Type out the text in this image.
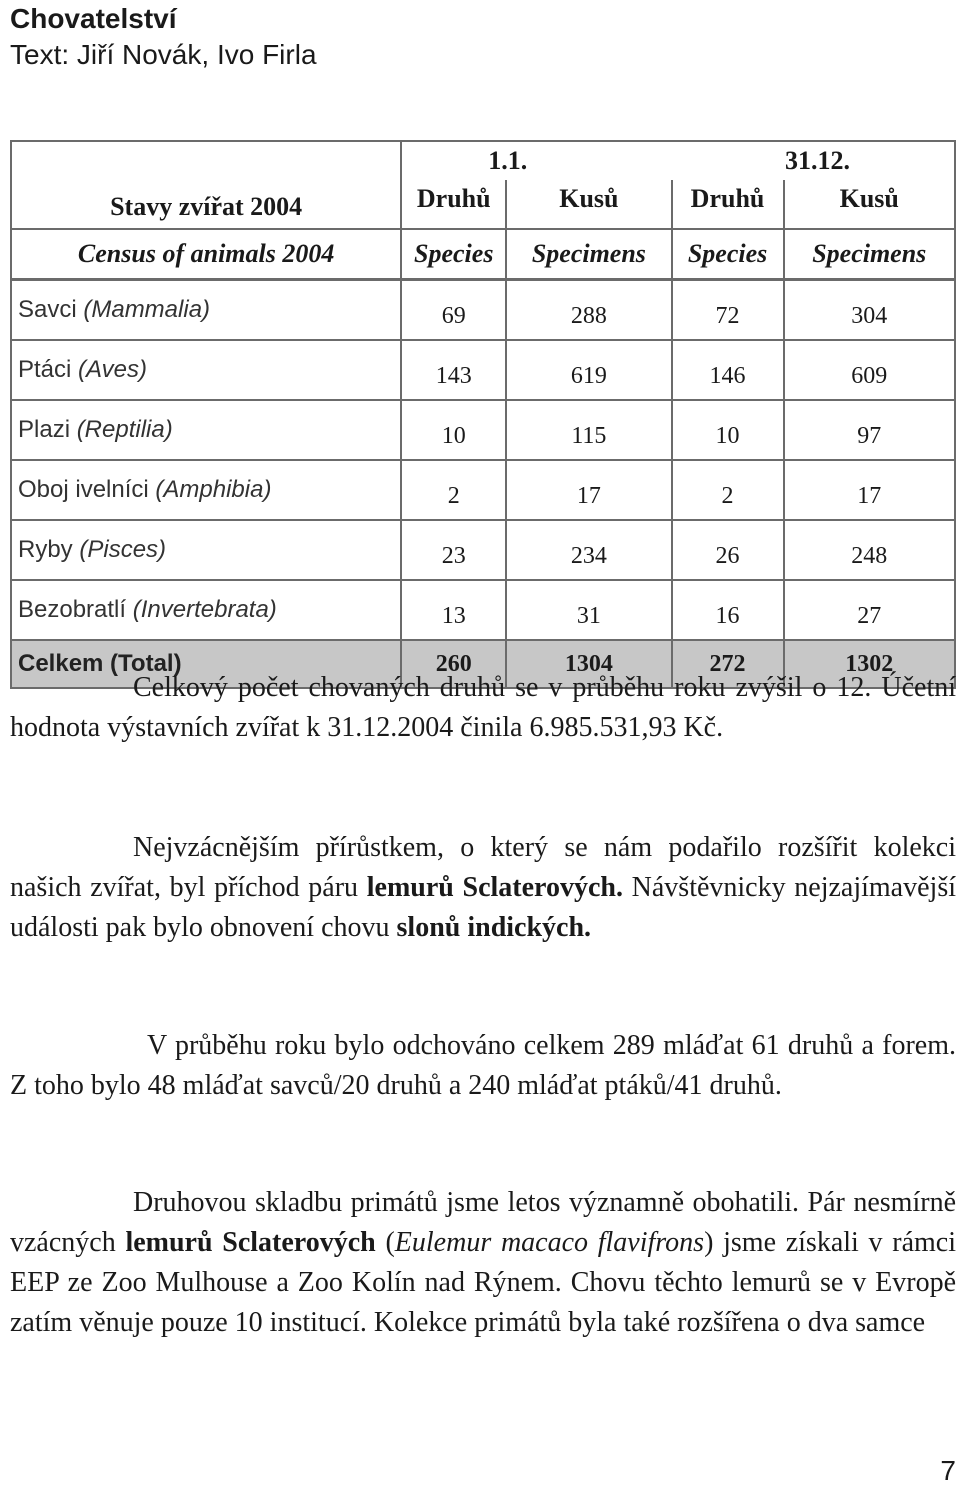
Chovatelství
Text: Jiří Novák, Ivo Firla
Stavy zvířat 2004	1.1. 31.12.			

	Druhů	Kusů	Druhů	Kusů
Census of animals 2004	Species	Specimens	Species	Specimens
Savci (Mammalia)	69	288	72	304
Ptáci (Aves)	143	619	146	609
Plazi (Reptilia)	10	115	10	97
Oboj ivelníci (Amphibia)	2	17	2	17
Ryby (Pisces)	23	234	26	248
Bezobratlí (Invertebrata)	13	31	16	27
Celkem (Total)	260	1304	272	1302

Celkový počet chovaných druhů se v průběhu roku zvýšil o 12. Účetní hodnota výstavních zvířat k 31.12.2004 činila 6.985.531,93 Kč.

Nejvzácnějším přírůstkem, o který se nám podařilo rozšířit kolekci našich zvířat, byl příchod páru lemurů Sclaterových. Návštěvnicky nejzajímavější události pak bylo obnovení chovu slonů indických.

V průběhu roku bylo odchováno celkem 289 mláďat 61 druhů a forem. Z toho bylo 48 mláďat savců/20 druhů a 240 mláďat ptáků/41 druhů.

Druhovou skladbu primátů jsme letos významně obohatili. Pár nesmírně vzácných lemurů Sclaterových (Eulemur macaco flavifrons) jsme získali v rámci EEP ze Zoo Mulhouse a Zoo Kolín nad Rýnem. Chovu těchto lemurů se v Evropě zatím věnuje pouze 10 institucí. Kolekce primátů byla také rozšířena o dva samce

7
